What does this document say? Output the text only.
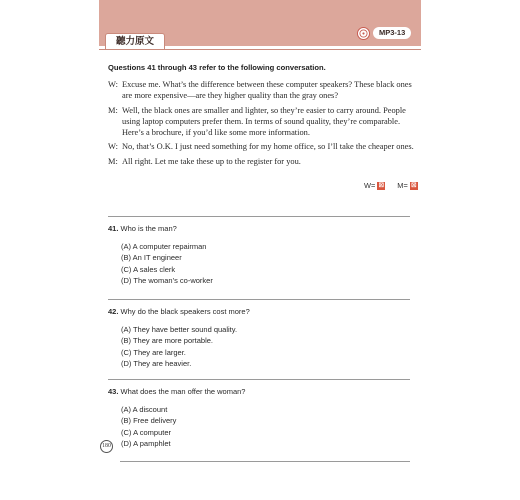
聽力原文
MP3-13
Questions 41 through 43 refer to the following conversation.
W: Excuse me. What’s the difference between these computer speakers? These black ones are more expensive—are they higher quality than the gray ones?
M: Well, the black ones are smaller and lighter, so they’re easier to carry around. People using laptop computers prefer them. In terms of sound quality, they’re comparable. Here’s a brochure, if you’d like some more information.
W: No, that’s O.K. I just need something for my home office, so I’ll take the cheaper ones.
M: All right. Let me take these up to the register for you.
W= ☒ M= ☒
41. Who is the man?
(A) A computer repairman
(B) An IT engineer
(C) A sales clerk
(D) The woman’s co-worker
42. Why do the black speakers cost more?
(A) They have better sound quality.
(B) They are more portable.
(C) They are larger.
(D) They are heavier.
43. What does the man offer the woman?
(A) A discount
(B) Free delivery
(C) A computer
(D) A pamphlet
180
